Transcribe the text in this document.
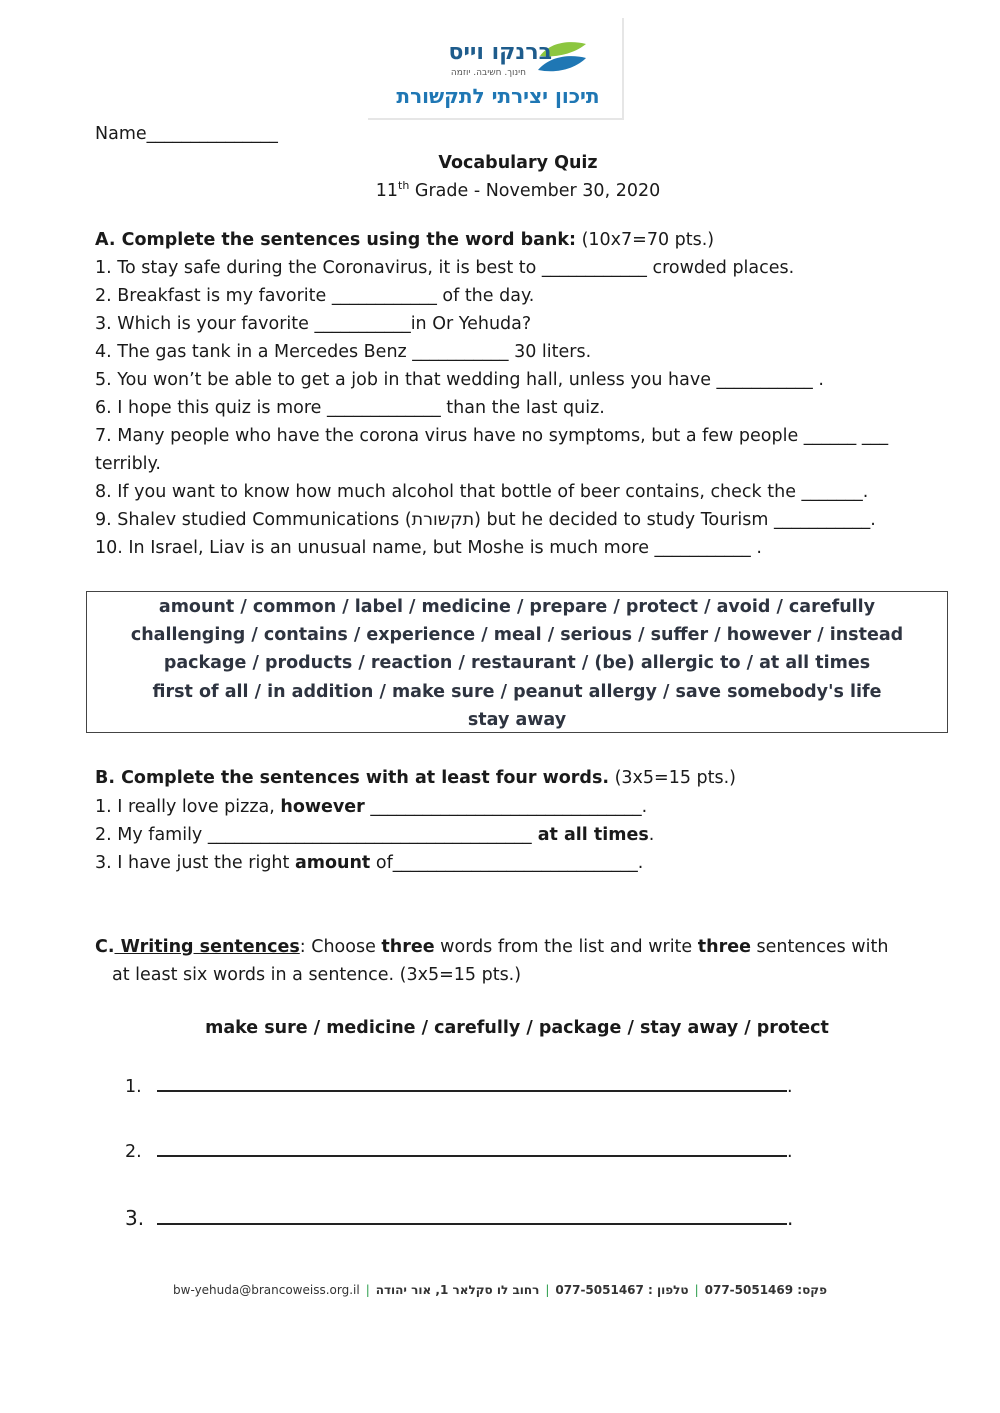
ברנקו וייס
חינוך. חשיבה. יוזמה
תיכון יצירתי לתקשורת
Name_______________
Vocabulary Quiz
11th Grade - November 30, 2020
A. Complete the sentences using the word bank: (10x7=70 pts.)
1. To stay safe during the Coronavirus, it is best to ____________ crowded places.
2. Breakfast is my favorite ____________ of the day.
3. Which is your favorite ___________in Or Yehuda?
4. The gas tank in a Mercedes Benz ___________ 30 liters.
5. You won’t be able to get a job in that wedding hall, unless you have ___________ .
6. I hope this quiz is more _____________ than the last quiz.
7. Many people who have the corona virus have no symptoms, but a few people ______ ___
terribly.
8. If you want to know how much alcohol that bottle of beer contains, check the _______.
9. Shalev studied Communications (תקשורת) but he decided to study Tourism ___________.
10. In Israel, Liav is an unusual name, but Moshe is much more ___________ .
amount / common / label / medicine / prepare / protect / avoid / carefully
challenging / contains / experience / meal / serious / suffer / however / instead
package / products / reaction / restaurant / (be) allergic to / at all times
first of all / in addition / make sure / peanut allergy / save somebody's life
stay away
B. Complete the sentences with at least four words. (3x5=15 pts.)
1. I really love pizza, however _______________________________.
2. My family _____________________________________ at all times.
3. I have just the right amount of____________________________.
C. Writing sentences: Choose three words from the list and write three sentences with
at least six words in a sentence. (3x5=15 pts.)
make sure / medicine / carefully / package / stay away / protect
1.	.
2.	.
3.	.
bw-yehuda@brancoweiss.org.il |	פקס: 077-5051469|טלפון : 077-5051467|רחוב לו סקלאר 1, אור יהודה
